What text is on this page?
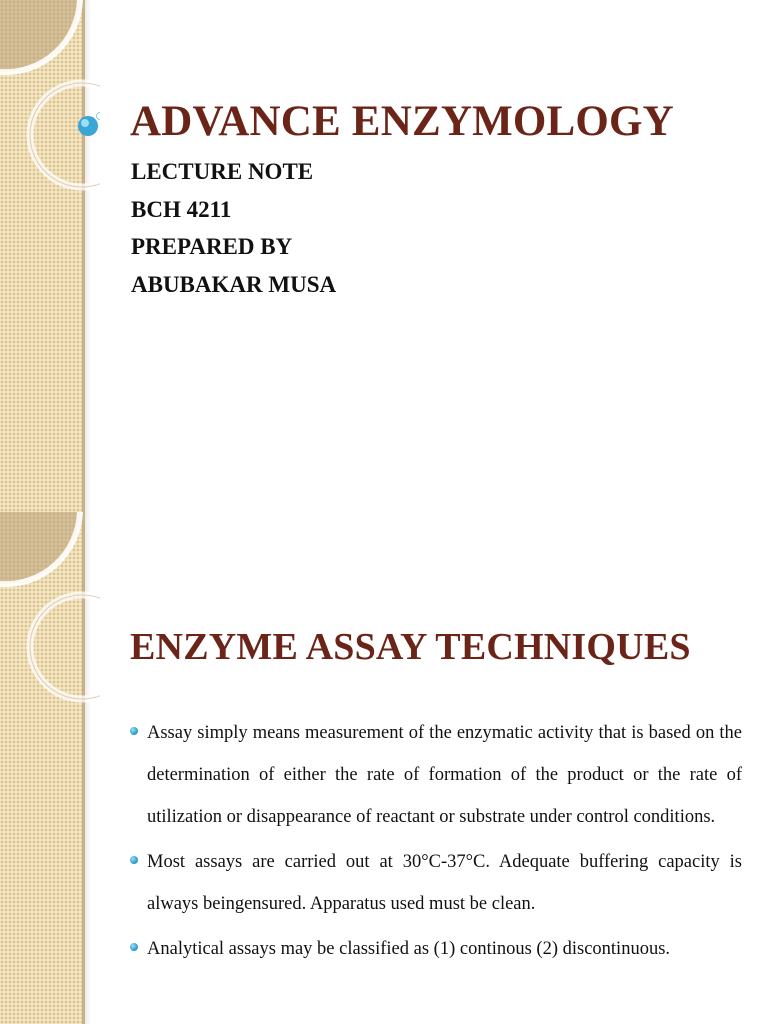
ADVANCE ENZYMOLOGY
LECTURE NOTE
BCH 4211
PREPARED BY
ABUBAKAR MUSA
ENZYME ASSAY TECHNIQUES
Assay simply means measurement of the enzymatic activity that is based on the determination of either the rate of formation of the product or the rate of utilization or disappearance of reactant or substrate under control conditions.
Most assays are carried out at 30°C-37°C. Adequate buffering capacity is always beingensured. Apparatus used must be clean.
Analytical assays may be classified as (1) continous (2) discontinuous.
